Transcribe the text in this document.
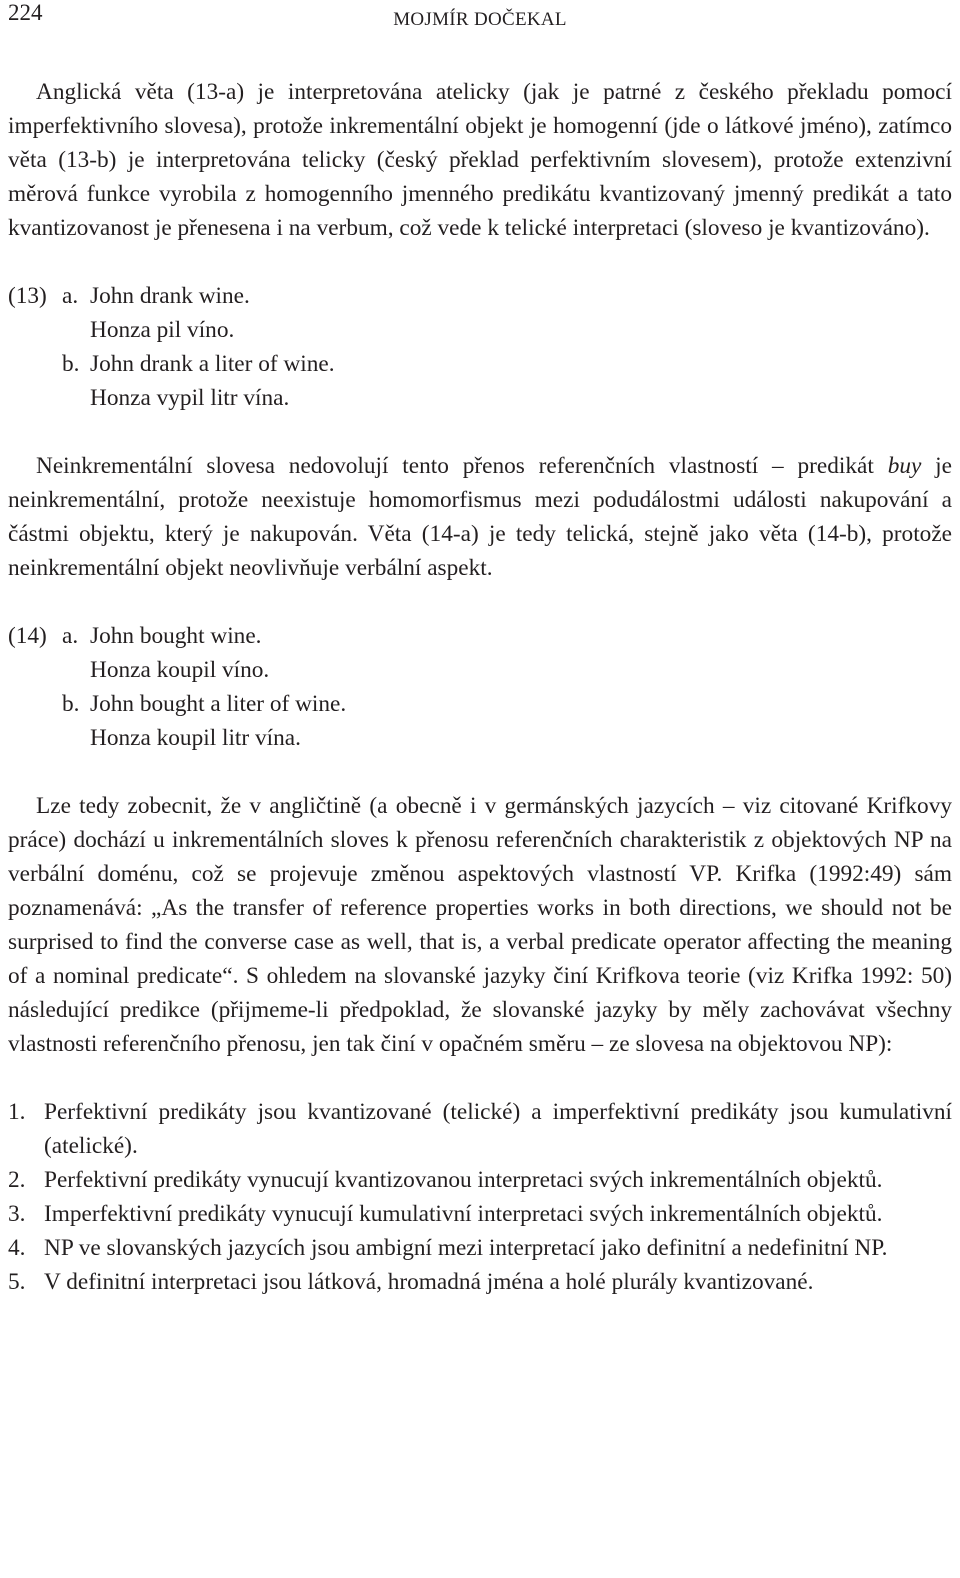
224	MOJMÍR DOČEKAL

Anglická věta (13-a) je interpretována atelicky (jak je patrné z českého překladu pomocí imperfektivního slovesa), protože inkrementální objekt je homogenní (jde o látkové jméno), zatímco věta (13-b) je interpretována telicky (český překlad perfektivním slovesem), protože extenzivní měrová funkce vyrobila z homogenního jmenného predikátu kvantizovaný jmenný predikát a tato kvantizovanost je přenesena i na verbum, což vede k telické interpretaci (sloveso je kvantizováno).

(13) a. John drank wine.
Honza pil víno.
b. John drank a liter of wine.
Honza vypil litr vína.

Neinkrementální slovesa nedovolují tento přenos referenčních vlastností – predikát buy je neinkrementální, protože neexistuje homomorfismus mezi podudálostmi události nakupování a částmi objektu, který je nakupován. Věta (14-a) je tedy telická, stejně jako věta (14-b), protože neinkrementální objekt neovlivňuje verbální aspekt.

(14) a. John bought wine.
Honza koupil víno.
b. John bought a liter of wine.
Honza koupil litr vína.

Lze tedy zobecnit, že v angličtině (a obecně i v germánských jazycích – viz citované Krifkovy práce) dochází u inkrementálních sloves k přenosu referenčních charakteristik z objektových NP na verbální doménu, což se projevuje změnou aspektových vlastností VP. Krifka (1992:49) sám poznamenává: „As the transfer of reference properties works in both directions, we should not be surprised to find the converse case as well, that is, a verbal predicate operator affecting the meaning of a nominal predicate“. S ohledem na slovanské jazyky činí Krifkova teorie (viz Krifka 1992: 50) následující predikce (přijmeme-li předpoklad, že slovanské jazyky by měly zachovávat všechny vlastnosti referenčního přenosu, jen tak činí v opačném směru – ze slovesa na objektovou NP):

1. Perfektivní predikáty jsou kvantizované (telické) a imperfektivní predikáty jsou kumulativní (atelické).
2. Perfektivní predikáty vynucují kvantizovanou interpretaci svých inkrementálních objektů.
3. Imperfektivní predikáty vynucují kumulativní interpretaci svých inkrementálních objektů.
4. NP ve slovanských jazycích jsou ambigní mezi interpretací jako definitní a nedefinitní NP.
5. V definitní interpretaci jsou látková, hromadná jména a holé plurály kvantizované.
